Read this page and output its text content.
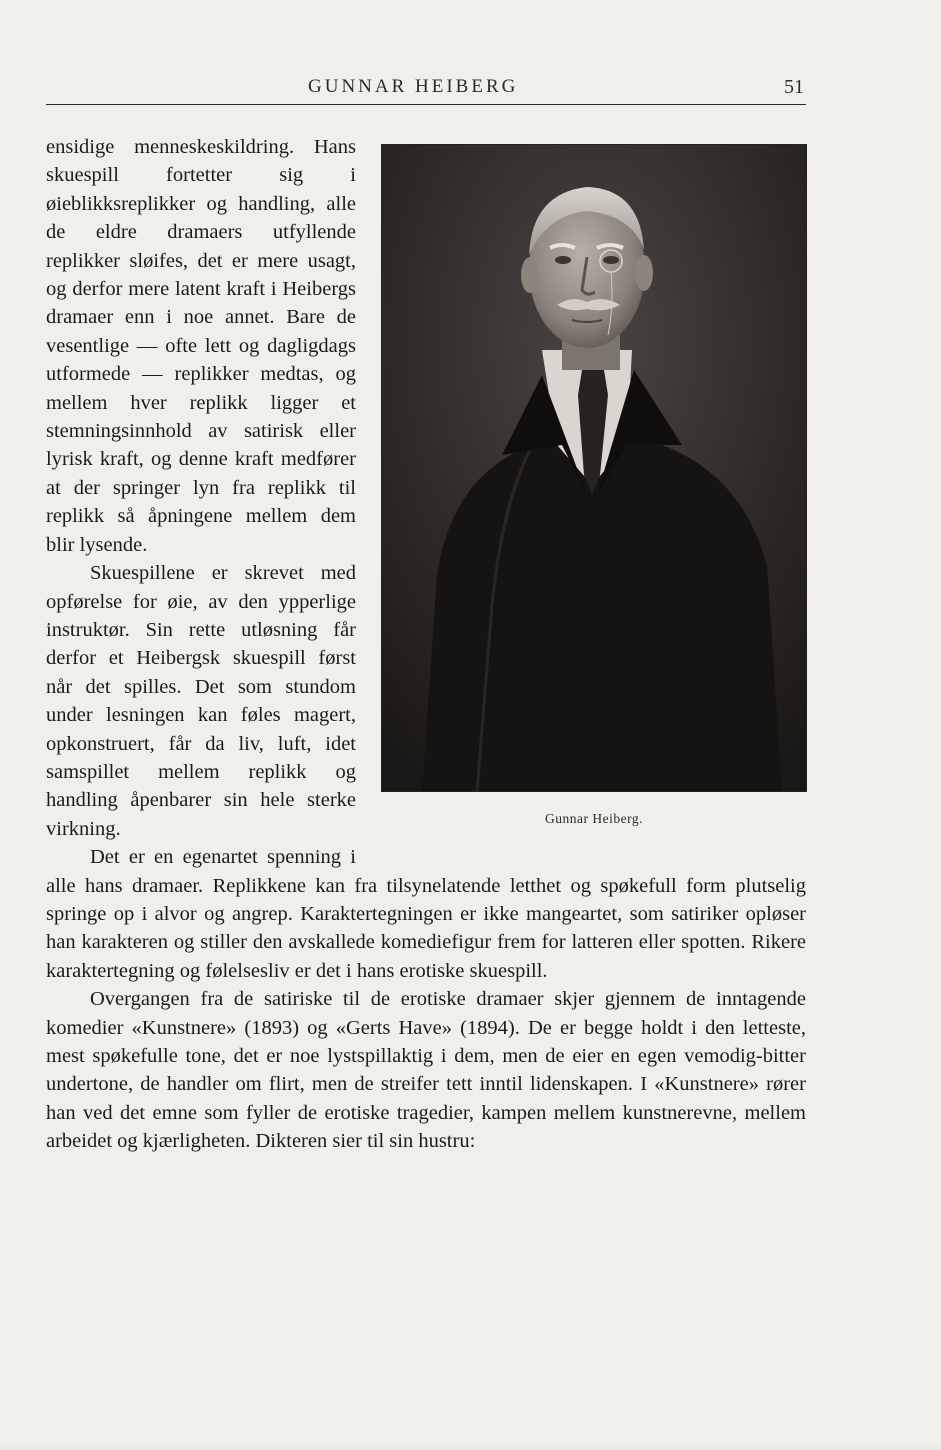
GUNNAR HEIBERG	51
Gunnar Heiberg.

ensidige menneskeskildring. Hans skuespill fortetter sig i øieblikksreplikker og handling, alle de eldre dramaers utfyllende replikker sløifes, det er mere usagt, og derfor mere latent kraft i Heibergs dramaer enn i noe annet. Bare de vesentlige — ofte lett og dagligdags utformede — replikker medtas, og mellem hver replikk ligger et stemningsinnhold av satirisk eller lyrisk kraft, og denne kraft medfører at der springer lyn fra replikk til replikk så åpningene mellem dem blir lysende.

Skuespillene er skrevet med opførelse for øie, av den ypperlige instruktør. Sin rette utløsning får derfor et Heibergsk skuespill først når det spilles. Det som stundom under lesningen kan føles magert, opkonstruert, får da liv, luft, idet samspillet mellem replikk og handling åpenbarer sin hele sterke virkning.

Det er en egenartet spenning i alle hans dramaer. Replikkene kan fra tilsynelatende letthet og spøkefull form plutselig springe op i alvor og angrep. Karaktertegningen er ikke mangeartet, som satiriker opløser han karakteren og stiller den avskallede komediefigur frem for latteren eller spotten. Rikere karaktertegning og følelsesliv er det i hans erotiske skuespill.

Overgangen fra de satiriske til de erotiske dramaer skjer gjennem de inntagende komedier «Kunstnere» (1893) og «Gerts Have» (1894). De er begge holdt i den letteste, mest spøkefulle tone, det er noe lystspillaktig i dem, men de eier en egen vemodig-bitter undertone, de handler om flirt, men de streifer tett inntil lidenskapen. I «Kunstnere» rører han ved det emne som fyller de erotiske tragedier, kampen mellem kunstnerevne, mellem arbeidet og kjærligheten. Dikteren sier til sin hustru:
